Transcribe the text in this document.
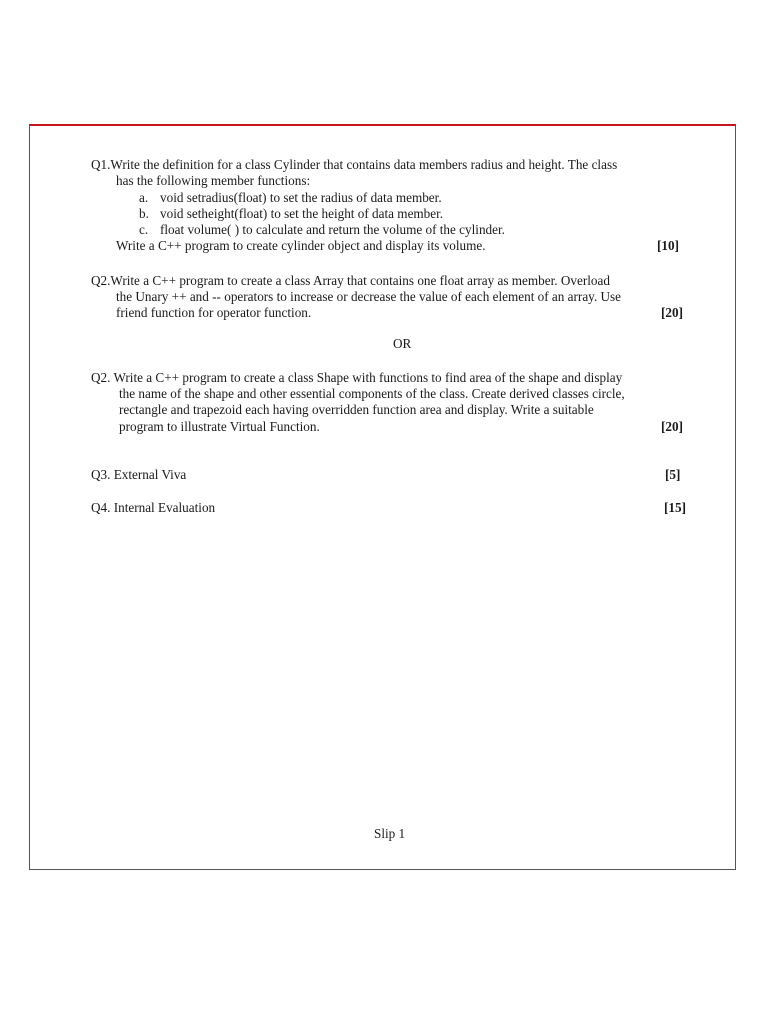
Q1.Write the definition for a class Cylinder that contains data members radius and height. The class

has the following member functions:

a. void setradius(float) to set the radius of data member.
b. void setheight(float) to set the height of data member.
c. float volume( ) to calculate and return the volume of the cylinder.

Write a C++ program to create cylinder object and display its volume.	[10]

Q2.Write a C++ program to create a class Array that contains one float array as member. Overload

the Unary ++ and -- operators to increase or decrease the value of each element of an array. Use

friend function for operator function.	[20]
OR

Q2. Write a C++ program to create a class Shape with functions to find area of the shape and display

the name of the shape and other essential components of the class. Create derived classes circle,

rectangle and trapezoid each having overridden function area and display. Write a suitable

program to illustrate Virtual Function.	[20]

Q3. External Viva	[5]

Q4. Internal Evaluation	[15]
Slip 1
